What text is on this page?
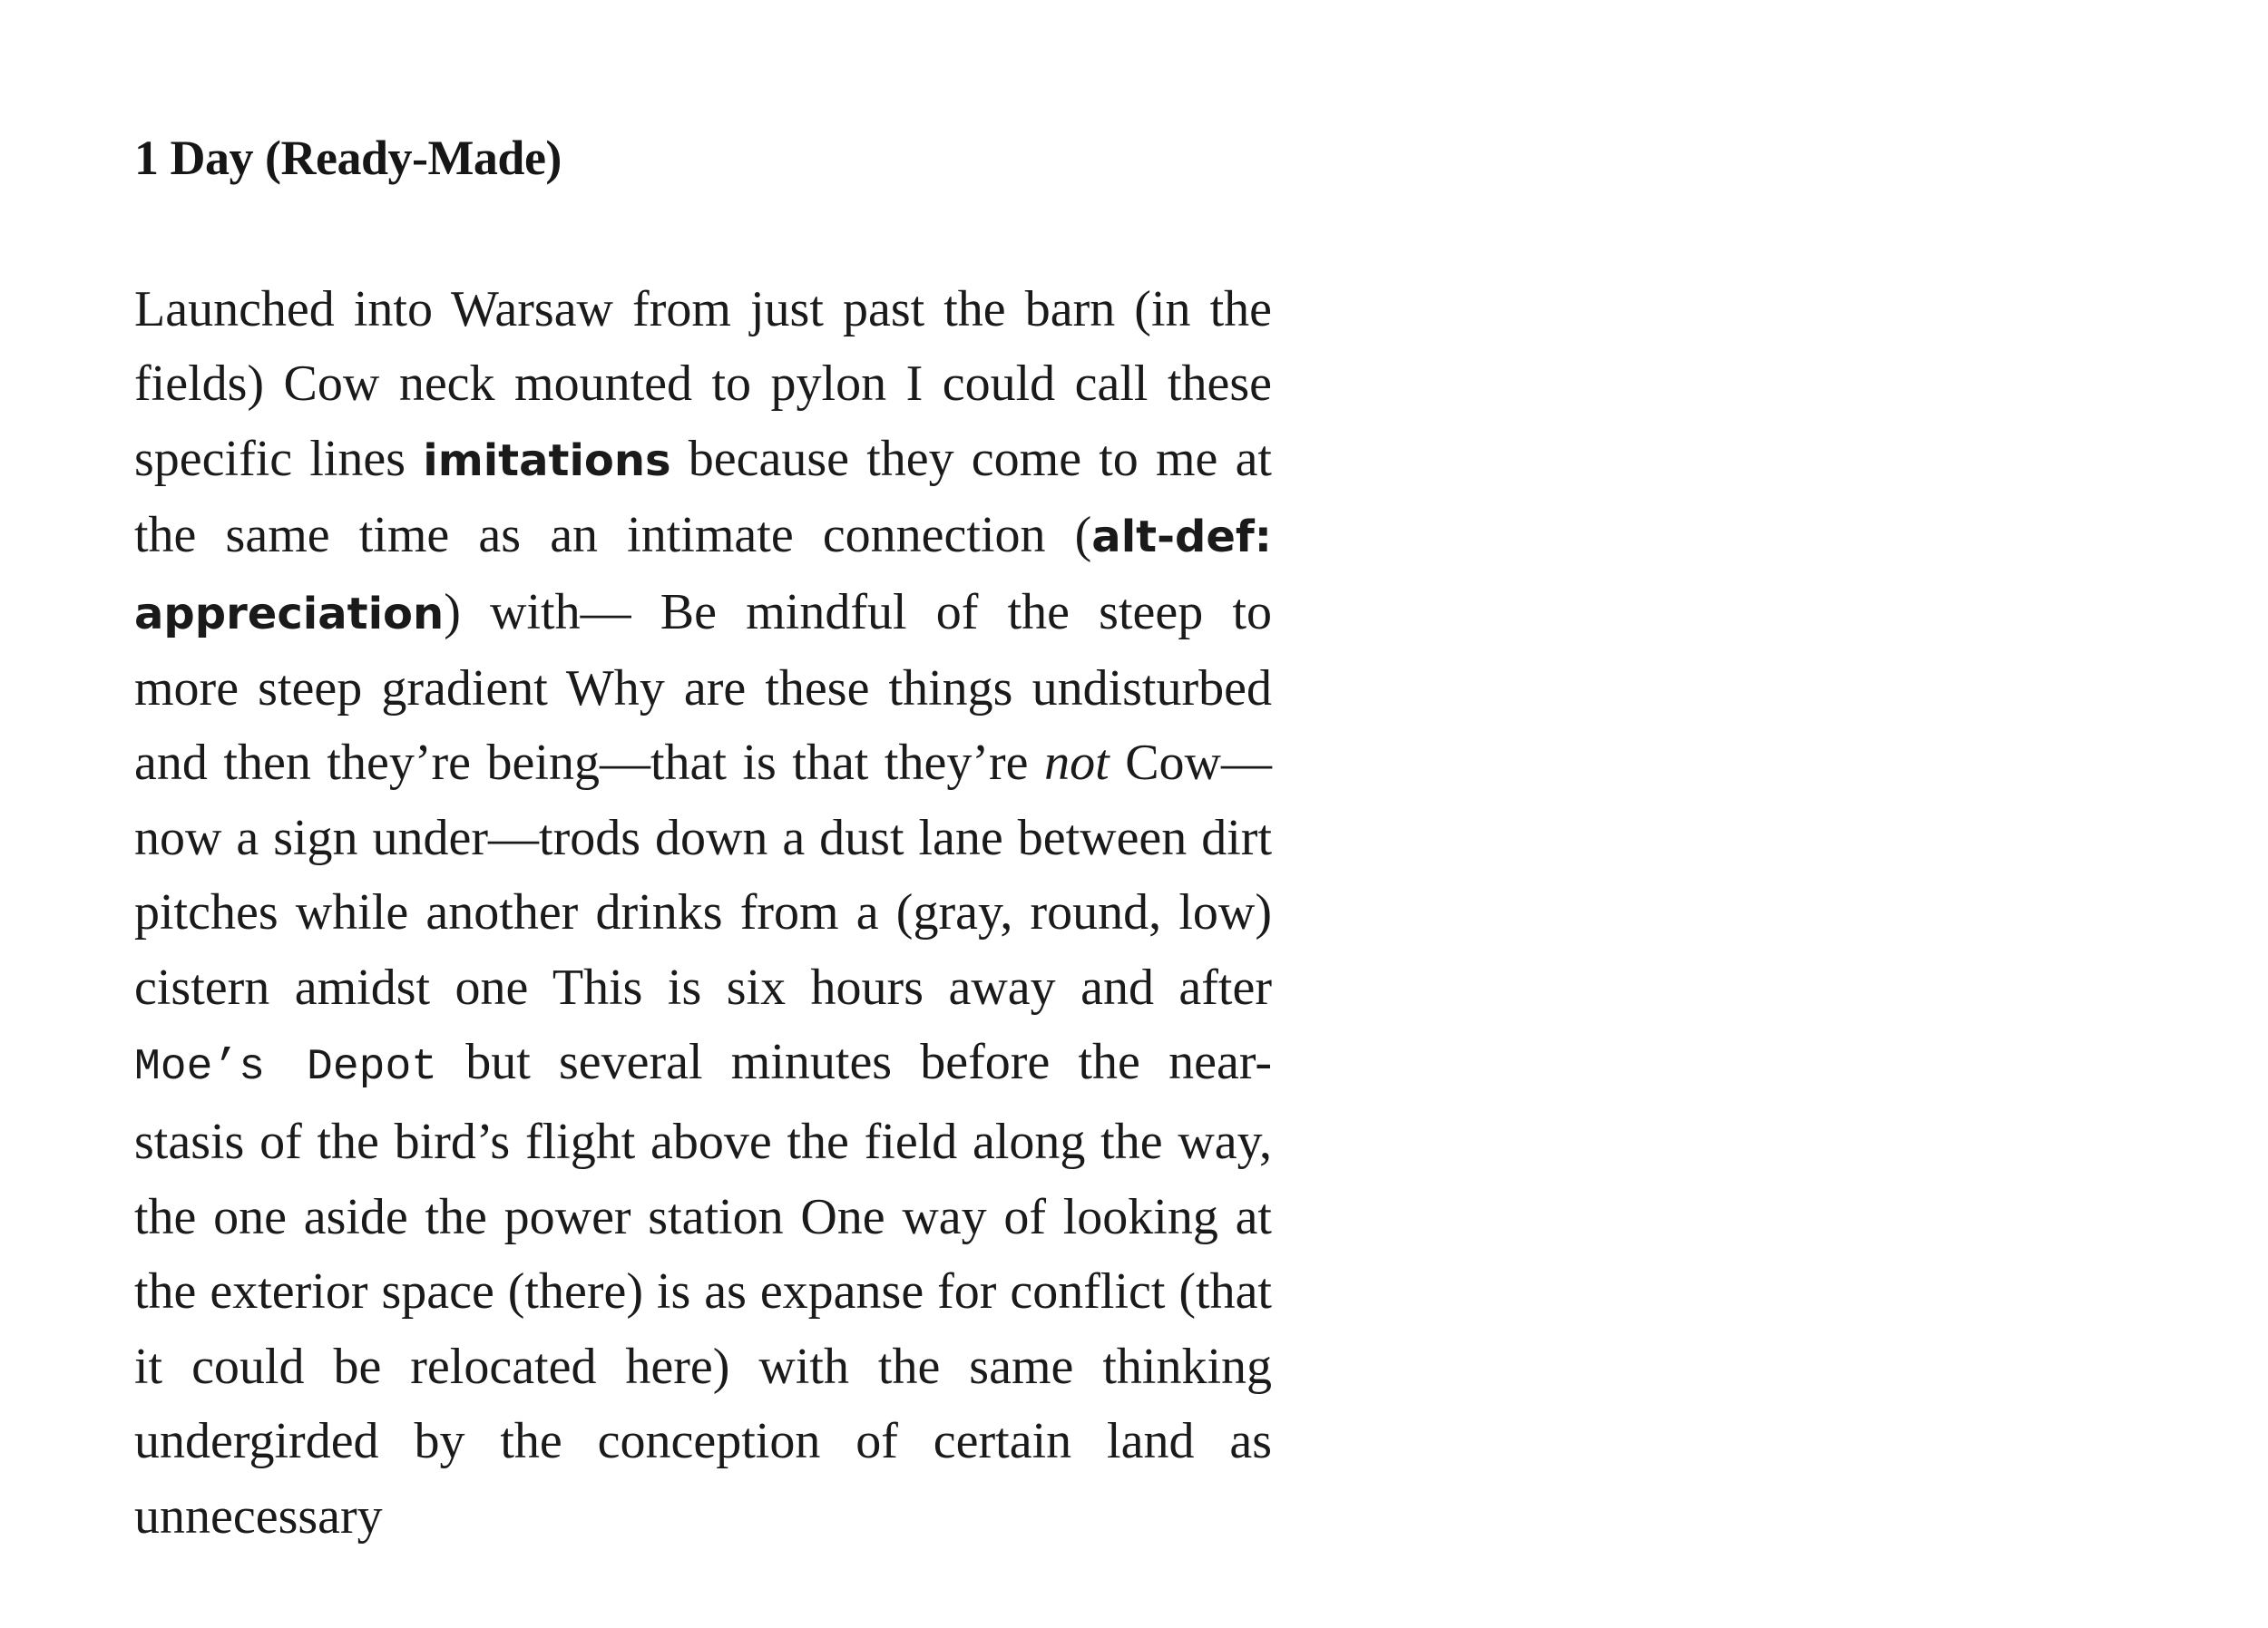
1 Day (Ready-Made)

Launched into Warsaw from just past the barn (in the fields) Cow neck mounted to pylon I could call these specific lines imitations because they come to me at the same time as an intimate connection (alt-def: appreciation) with— Be mindful of the steep to more steep gradient Why are these things undisturbed and then they’re being—that is that they’re not Cow—now a sign under—trods down a dust lane between dirt pitches while another drinks from a (gray, round, low) cistern amidst one This is six hours away and after Moe’s Depot but several minutes before the near-stasis of the bird’s flight above the field along the way, the one aside the power station One way of looking at the exterior space (there) is as expanse for conflict (that it could be relocated here) with the same thinking undergirded by the conception of certain land as unnecessary
